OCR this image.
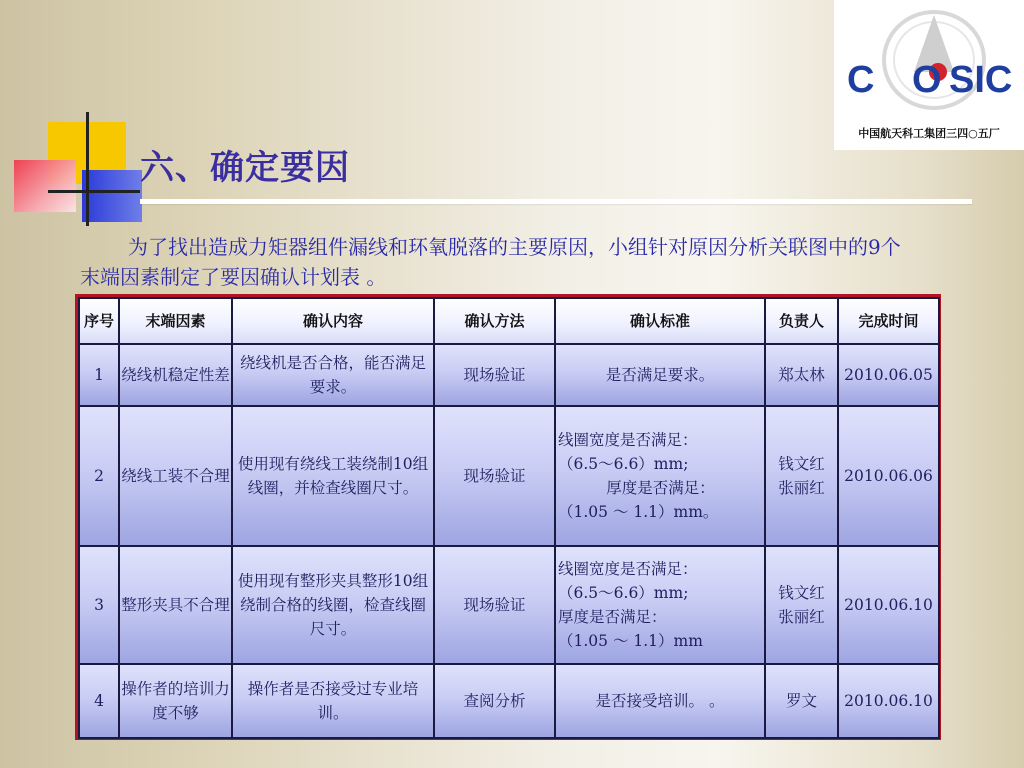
六、确定要因
C SIC
O
中国航天科工集团三四○五厂

为了找出造成力矩器组件漏线和环氧脱落的主要原因，小组针对原因分析关联图中的9个末端因素制定了要因确认计划表 。

序号	末端因素	确认内容	确认方法	确认标准	负责人	完成时间
1	绕线机稳定性差	绕线机是否合格，能否满足要求。	现场验证	是否满足要求。	郑太林	2010.06.05
2	绕线工装不合理	使用现有绕线工装绕制10组线圈，并检查线圈尺寸。	现场验证	线圈宽度是否满足：
（6.5～6.6）mm;
厚度是否满足：
（1.05 ～ 1.1）mm。	钱文红
张丽红	2010.06.06
3	整形夹具不合理	使用现有整形夹具整形10组绕制合格的线圈，检查线圈尺寸。	现场验证	线圈宽度是否满足：
（6.5～6.6）mm;
厚度是否满足：
（1.05 ～ 1.1）mm	钱文红
张丽红	2010.06.10
4	操作者的培训力度不够	操作者是否接受过专业培训。	查阅分析	是否接受培训。 。	罗文	2010.06.10
